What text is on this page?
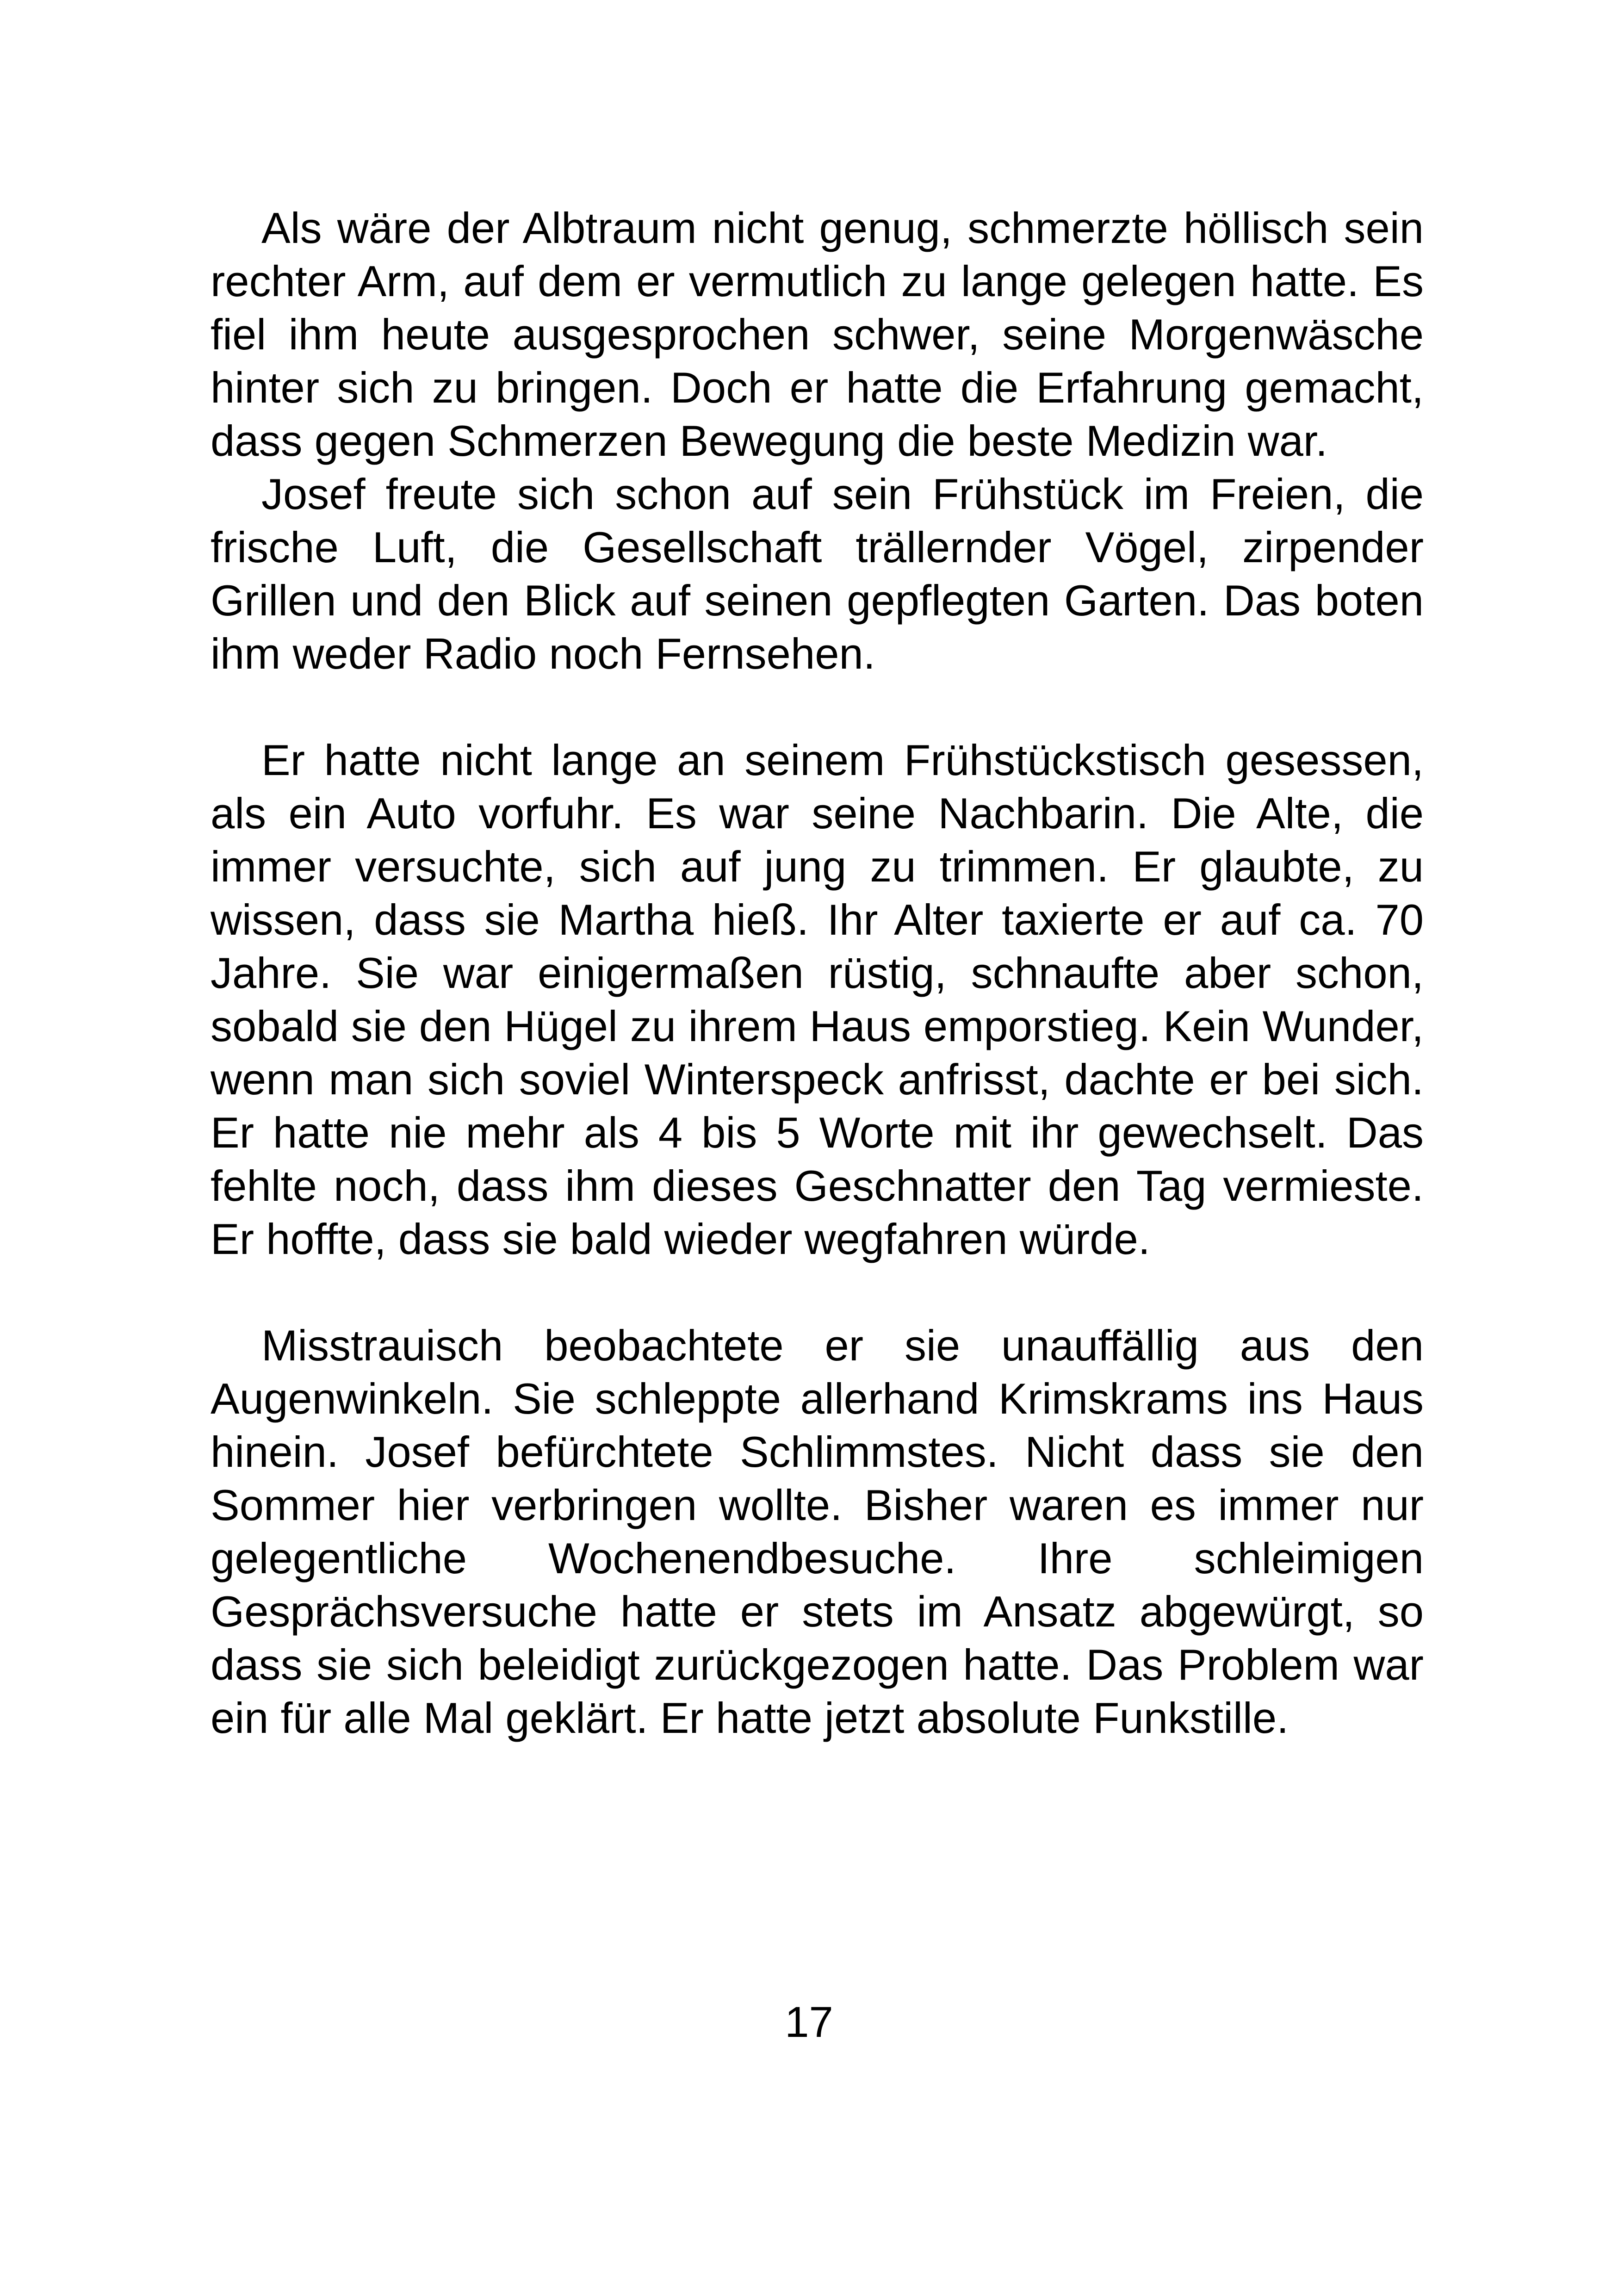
Als wäre der Albtraum nicht genug, schmerzte höllisch sein rechter Arm, auf dem er vermutlich zu lange gelegen hatte. Es fiel ihm heute ausgesprochen schwer, seine Morgenwäsche hinter sich zu bringen. Doch er hatte die Erfahrung gemacht, dass gegen Schmerzen Bewegung die beste Medizin war.

Josef freute sich schon auf sein Frühstück im Freien, die frische Luft, die Gesellschaft trällernder Vögel, zirpender Grillen und den Blick auf seinen gepflegten Garten. Das boten ihm weder Radio noch Fernsehen.

Er hatte nicht lange an seinem Frühstückstisch gesessen, als ein Auto vorfuhr. Es war seine Nachbarin. Die Alte, die immer versuchte, sich auf jung zu trimmen. Er glaubte, zu wissen, dass sie Martha hieß. Ihr Alter taxierte er auf ca. 70 Jahre. Sie war einigermaßen rüstig, schnaufte aber schon, sobald sie den Hügel zu ihrem Haus emporstieg. Kein Wunder, wenn man sich soviel Winterspeck anfrisst, dachte er bei sich. Er hatte nie mehr als 4 bis 5 Worte mit ihr gewechselt. Das fehlte noch, dass ihm dieses Geschnatter den Tag vermieste. Er hoffte, dass sie bald wieder wegfahren würde.

Misstrauisch beobachtete er sie unauffällig aus den Augenwinkeln. Sie schleppte allerhand Krimskrams ins Haus hinein. Josef befürchtete Schlimmstes. Nicht dass sie den Sommer hier verbringen wollte. Bisher waren es immer nur gelegentliche Wochenendbesuche. Ihre schleimigen Gesprächsversuche hatte er stets im Ansatz abgewürgt, so dass sie sich beleidigt zurückgezogen hatte. Das Problem war ein für alle Mal geklärt. Er hatte jetzt absolute Funkstille.

17
